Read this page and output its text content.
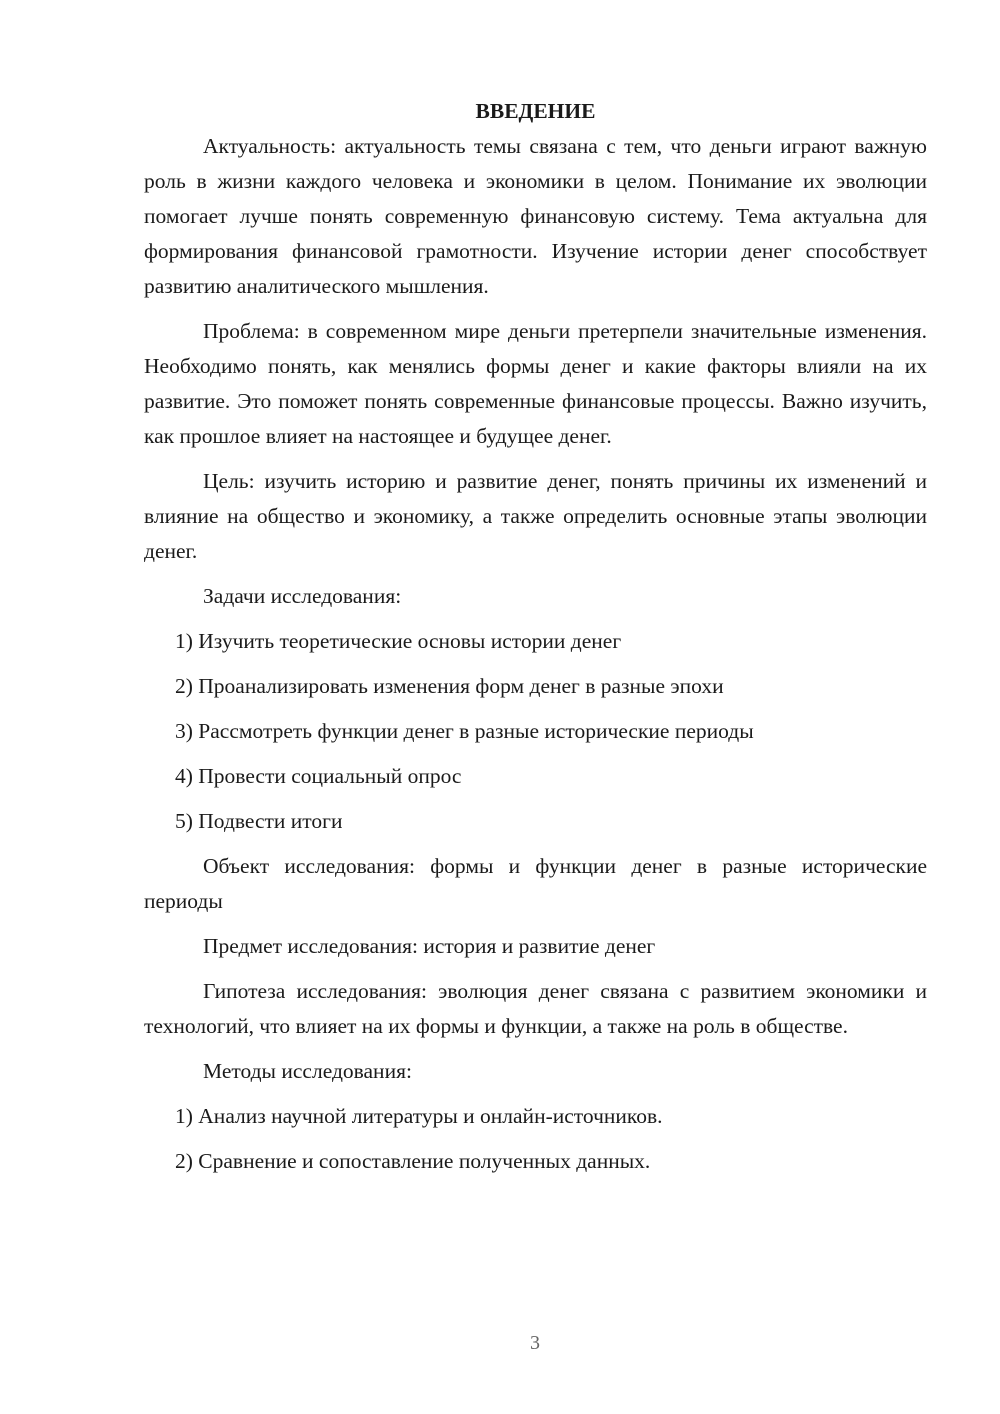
ВВЕДЕНИЕ

Актуальность: актуальность темы связана с тем, что деньги играют важную роль в жизни каждого человека и экономики в целом. Понимание их эволюции помогает лучше понять современную финансовую систему. Тема актуальна для формирования финансовой грамотности. Изучение истории денег способствует развитию аналитического мышления.

Проблема: в современном мире деньги претерпели значительные изменения. Необходимо понять, как менялись формы денег и какие факторы влияли на их развитие. Это поможет понять современные финансовые процессы. Важно изучить, как прошлое влияет на настоящее и будущее денег.

Цель: изучить историю и развитие денег, понять причины их изменений и влияние на общество и экономику, а также определить основные этапы эволюции денег.

Задачи исследования:

1) Изучить теоретические основы истории денег

2) Проанализировать изменения форм денег в разные эпохи

3) Рассмотреть функции денег в разные исторические периоды

4) Провести социальный опрос

5) Подвести итоги

Объект исследования: формы и функции денег в разные исторические периоды

Предмет исследования: история и развитие денег

Гипотеза исследования: эволюция денег связана с развитием экономики и технологий, что влияет на их формы и функции, а также на роль в обществе.

Методы исследования:

1) Анализ научной литературы и онлайн-источников.

2) Сравнение и сопоставление полученных данных.

3
